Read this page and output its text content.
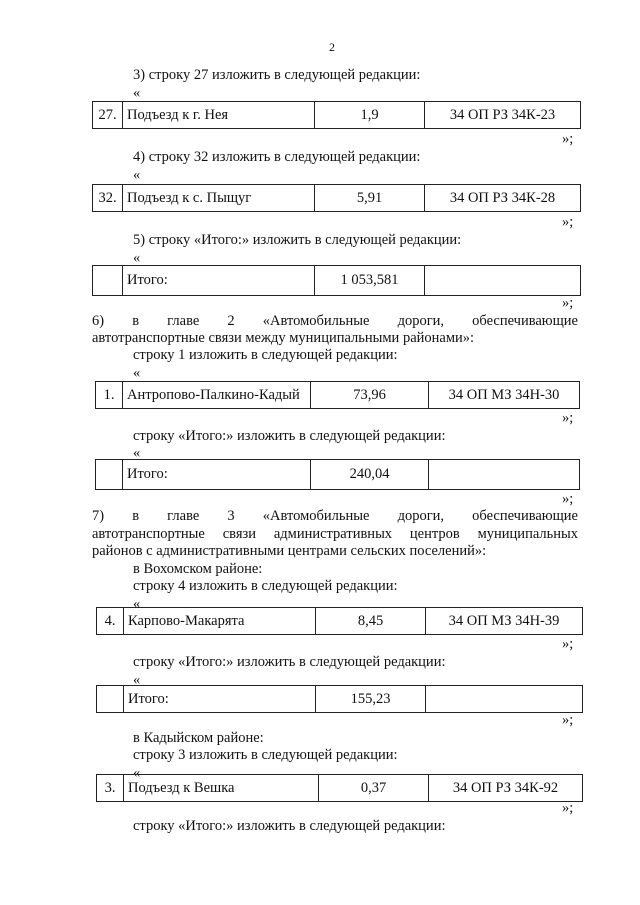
2
3) строку 27 изложить в следующей редакции:
«
27.	Подъезд к г. Нея	1,9	34 ОП РЗ 34К-23
»;
4) строку 32 изложить в следующей редакции:
«
32.	Подъезд к с. Пыщуг	5,91	34 ОП РЗ 34К-28
»;
5) строку «Итого:» изложить в следующей редакции:
«
	Итого:	1 053,581	
»;
6) в главе 2 «Автомобильные дороги, обеспечивающие
автотранспортные связи между муниципальными районами»:
строку 1 изложить в следующей редакции:
«
1.	Антропово-Палкино-Кадый	73,96	34 ОП МЗ 34Н-30
»;
строку «Итого:» изложить в следующей редакции:
«
	Итого:	240,04	
»;
7) в главе 3 «Автомобильные дороги, обеспечивающие
автотранспортные связи административных центров муниципальных
районов с административными центрами сельских поселений»:
в Вохомском районе:
строку 4 изложить в следующей редакции:
«
4.	Карпово-Макарята	8,45	34 ОП МЗ 34Н-39
»;
строку «Итого:» изложить в следующей редакции:
«
	Итого:	155,23	
»;
в Кадыйском районе:
строку 3 изложить в следующей редакции:
«
3.	Подъезд к Вешка	0,37	34 ОП РЗ 34К-92
»;
строку «Итого:» изложить в следующей редакции:
